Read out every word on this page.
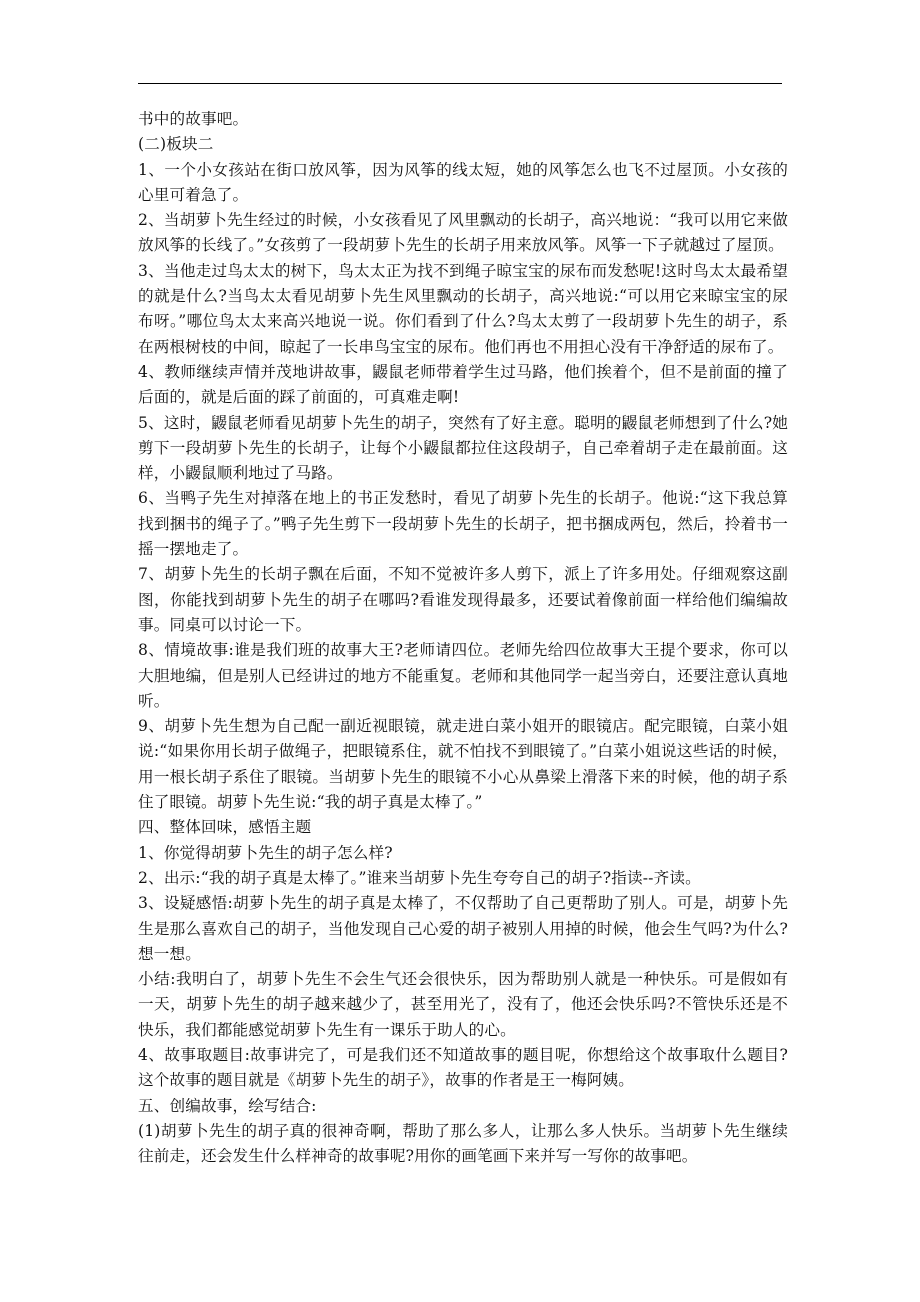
书中的故事吧。

(二)板块二

1、一个小女孩站在街口放风筝，因为风筝的线太短，她的风筝怎么也飞不过屋顶。小女孩的心里可着急了。

2、当胡萝卜先生经过的时候，小女孩看见了风里飘动的长胡子，高兴地说：“我可以用它来做放风筝的长线了。”女孩剪了一段胡萝卜先生的长胡子用来放风筝。风筝一下子就越过了屋顶。

3、当他走过鸟太太的树下，鸟太太正为找不到绳子晾宝宝的尿布而发愁呢!这时鸟太太最希望的就是什么?当鸟太太看见胡萝卜先生风里飘动的长胡子，高兴地说:“可以用它来晾宝宝的尿布呀。”哪位鸟太太来高兴地说一说。你们看到了什么?鸟太太剪了一段胡萝卜先生的胡子，系在两根树枝的中间，晾起了一长串鸟宝宝的尿布。他们再也不用担心没有干净舒适的尿布了。

4、教师继续声情并茂地讲故事，鼹鼠老师带着学生过马路，他们挨着个，但不是前面的撞了后面的，就是后面的踩了前面的，可真难走啊!

5、这时，鼹鼠老师看见胡萝卜先生的胡子，突然有了好主意。聪明的鼹鼠老师想到了什么?她剪下一段胡萝卜先生的长胡子，让每个小鼹鼠都拉住这段胡子，自己牵着胡子走在最前面。这样，小鼹鼠顺利地过了马路。

6、当鸭子先生对掉落在地上的书正发愁时，看见了胡萝卜先生的长胡子。他说:“这下我总算找到捆书的绳子了。”鸭子先生剪下一段胡萝卜先生的长胡子，把书捆成两包，然后，拎着书一摇一摆地走了。

7、胡萝卜先生的长胡子飘在后面，不知不觉被许多人剪下，派上了许多用处。仔细观察这副图，你能找到胡萝卜先生的胡子在哪吗?看谁发现得最多，还要试着像前面一样给他们编编故事。同桌可以讨论一下。

8、情境故事:谁是我们班的故事大王?老师请四位。老师先给四位故事大王提个要求，你可以大胆地编，但是别人已经讲过的地方不能重复。老师和其他同学一起当旁白，还要注意认真地听。

9、胡萝卜先生想为自己配一副近视眼镜，就走进白菜小姐开的眼镜店。配完眼镜，白菜小姐说:“如果你用长胡子做绳子，把眼镜系住，就不怕找不到眼镜了。”白菜小姐说这些话的时候，用一根长胡子系住了眼镜。当胡萝卜先生的眼镜不小心从鼻梁上滑落下来的时候，他的胡子系住了眼镜。胡萝卜先生说:“我的胡子真是太棒了。”

四、整体回味，感悟主题

1、你觉得胡萝卜先生的胡子怎么样?

2、出示:“我的胡子真是太棒了。”谁来当胡萝卜先生夸夸自己的胡子?指读--齐读。

3、设疑感悟:胡萝卜先生的胡子真是太棒了，不仅帮助了自己更帮助了别人。可是，胡萝卜先生是那么喜欢自己的胡子，当他发现自己心爱的胡子被别人用掉的时候，他会生气吗?为什么?想一想。

小结:我明白了，胡萝卜先生不会生气还会很快乐，因为帮助别人就是一种快乐。可是假如有一天，胡萝卜先生的胡子越来越少了，甚至用光了，没有了，他还会快乐吗?不管快乐还是不快乐，我们都能感觉胡萝卜先生有一课乐于助人的心。

4、故事取题目:故事讲完了，可是我们还不知道故事的题目呢，你想给这个故事取什么题目?这个故事的题目就是《胡萝卜先生的胡子》，故事的作者是王一梅阿姨。

五、创编故事，绘写结合:

(1)胡萝卜先生的胡子真的很神奇啊，帮助了那么多人，让那么多人快乐。当胡萝卜先生继续往前走，还会发生什么样神奇的故事呢?用你的画笔画下来并写一写你的故事吧。
